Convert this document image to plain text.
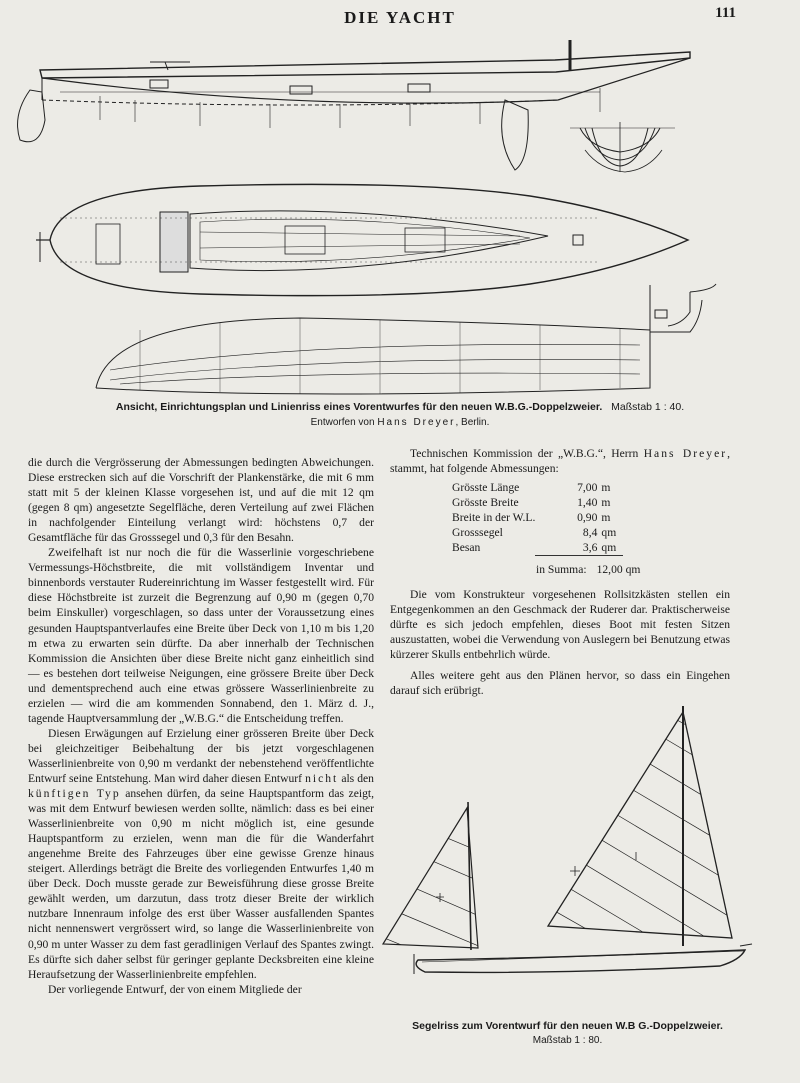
DIE YACHT	111
Ansicht, Einrichtungsplan und Linienriss eines Vorentwurfes für den neuen W.B.G.-Doppelzweier. Maßstab 1 : 40.
Entworfen von Hans Dreyer, Berlin.

die durch die Vergrösserung der Abmessungen bedingten Abweichungen. Diese erstrecken sich auf die Vorschrift der Plankenstärke, die mit 6 mm statt mit 5 der kleinen Klasse vorgesehen ist, und auf die mit 12 qm (gegen 8 qm) angesetzte Segelfläche, deren Verteilung auf zwei Flächen in nachfolgender Einteilung verlangt wird: höchstens 0,7 der Gesamtfläche für das Grosssegel und 0,3 für den Besahn.

Zweifelhaft ist nur noch die für die Wasserlinie vorgeschriebene Vermessungs-Höchstbreite, die mit vollständigem Inventar und binnenbords verstauter Rudereinrichtung im Wasser festgestellt wird. Für diese Höchstbreite ist zurzeit die Begrenzung auf 0,90 m (gegen 0,70 beim Einskuller) vorgeschlagen, so dass unter der Voraussetzung eines gesunden Hauptspantverlaufes eine Breite über Deck von 1,10 m bis 1,20 m etwa zu erwarten sein dürfte. Da aber innerhalb der Technischen Kommission die Ansichten über diese Breite nicht ganz einheitlich sind — es bestehen dort teilweise Neigungen, eine grössere Breite über Deck und dementsprechend auch eine etwas grössere Wasserlinienbreite zu erzielen — wird die am kommenden Sonnabend, den 1. März d. J., tagende Hauptversammlung der „W.B.G.“ die Entscheidung treffen.

Diesen Erwägungen auf Erzielung einer grösseren Breite über Deck bei gleichzeitiger Beibehaltung der bis jetzt vorgeschlagenen Wasserlinienbreite von 0,90 m verdankt der nebenstehend veröffentlichte Entwurf seine Entstehung. Man wird daher diesen Entwurf nicht als den künftigen Typ ansehen dürfen, da seine Hauptspantform das zeigt, was mit dem Entwurf bewiesen werden sollte, nämlich: dass es bei einer Wasserlinienbreite von 0,90 m nicht möglich ist, eine gesunde Hauptspantform zu erzielen, wenn man die für die Wanderfahrt angenehme Breite des Fahrzeuges über eine gewisse Grenze hinaus steigert. Allerdings beträgt die Breite des vorliegenden Entwurfes 1,40 m über Deck. Doch musste gerade zur Beweisführung diese grosse Breite gewählt werden, um darzutun, dass trotz dieser Breite der wirklich nutzbare Innenraum infolge des erst über Wasser ausfallenden Spantes nicht nennenswert vergrössert wird, so lange die Wasserlinienbreite von 0,90 m unter Wasser zu dem fast geradlinigen Verlauf des Spantes zwingt. Es dürfte sich daher selbst für geringer geplante Decksbreiten eine kleine Heraufsetzung der Wasserlinienbreite empfehlen.

Der vorliegende Entwurf, der von einem Mitgliede der

Technischen Kommission der „W.B.G.“, Herrn Hans Dreyer, stammt, hat folgende Abmessungen:

Grösste Länge	7,00	m
Grösste Breite	1,40	m
Breite in der W.L.	0,90	m
Grosssegel	8,4	qm
Besan	3,6	qm
in Summa: 12,00 qm

Die vom Konstrukteur vorgesehenen Rollsitzkästen stellen ein Entgegenkommen an den Geschmack der Ruderer dar. Praktischerweise dürfte es sich jedoch empfehlen, dieses Boot mit festen Sitzen auszustatten, wobei die Verwendung von Auslegern bei Benutzung etwas kürzerer Skulls entbehrlich würde.

Alles weitere geht aus den Plänen hervor, so dass ein Eingehen darauf sich erübrigt.

Segelriss zum Vorentwurf für den neuen W.B G.-Doppelzweier.
Maßstab 1 : 80.
